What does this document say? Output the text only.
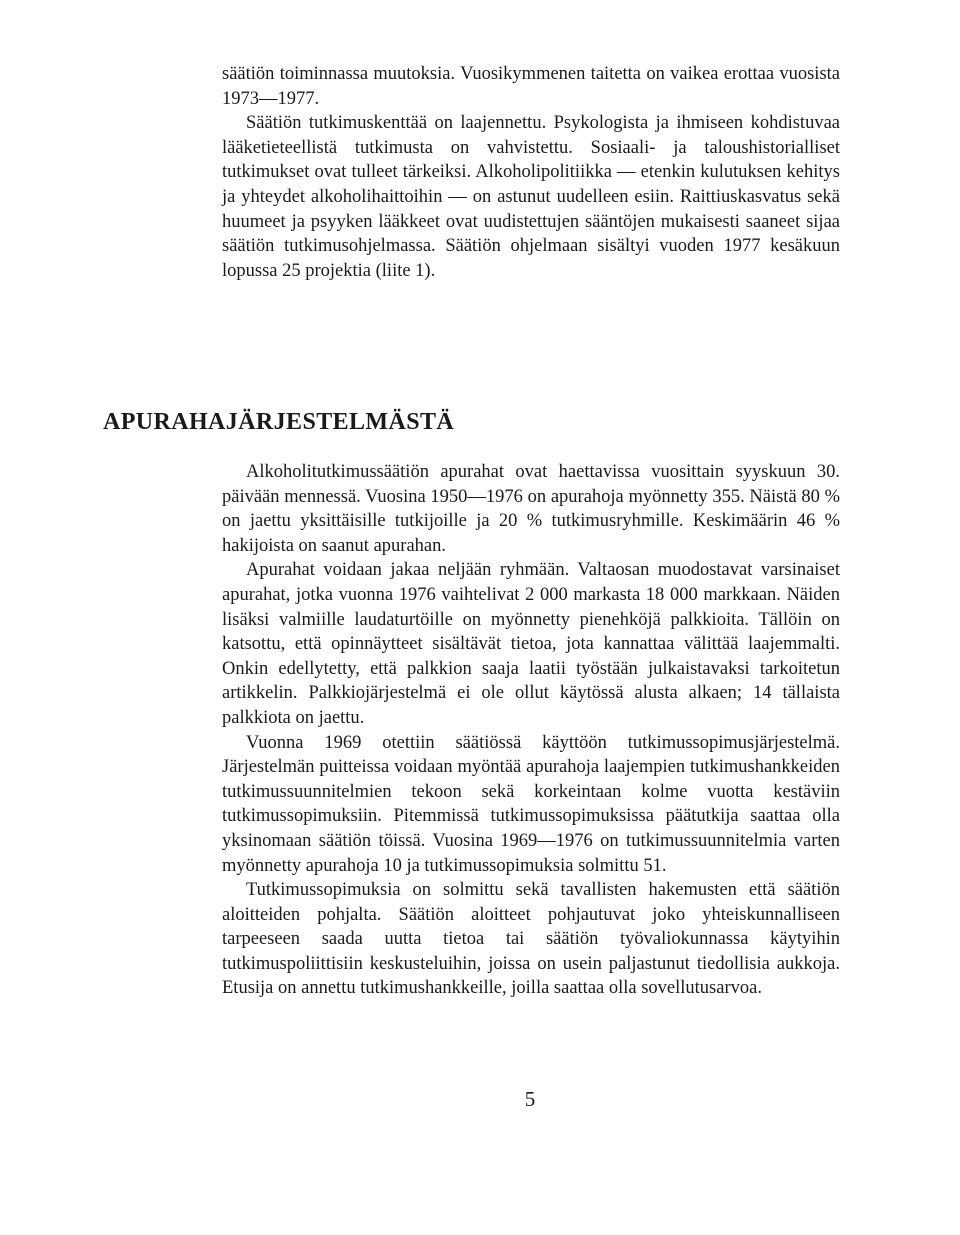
säätiön toiminnassa muutoksia. Vuosikymmenen taitetta on vaikea erottaa vuosista 1973—1977.

Säätiön tutkimuskenttää on laajennettu. Psykologista ja ihmiseen kohdistuvaa lääketieteellistä tutkimusta on vahvistettu. Sosiaali- ja taloushistorialliset tutkimukset ovat tulleet tärkeiksi. Alkoholipolitiikka — etenkin kulutuksen kehitys ja yhteydet alkoholihaittoihin — on astunut uudelleen esiin. Raittiuskasvatus sekä huumeet ja psyyken lääkkeet ovat uudistettujen sääntöjen mukaisesti saaneet sijaa säätiön tutkimusohjelmassa. Säätiön ohjelmaan sisältyi vuoden 1977 kesäkuun lopussa 25 projektia (liite 1).

APURAHAJÄRJESTELMÄSTÄ

Alkoholitutkimussäätiön apurahat ovat haettavissa vuosittain syyskuun 30. päivään mennessä. Vuosina 1950—1976 on apurahoja myönnetty 355. Näistä 80 % on jaettu yksittäisille tutkijoille ja 20 % tutkimusryhmille. Keskimäärin 46 % hakijoista on saanut apurahan.

Apurahat voidaan jakaa neljään ryhmään. Valtaosan muodostavat varsinaiset apurahat, jotka vuonna 1976 vaihtelivat 2 000 markasta 18 000 markkaan. Näiden lisäksi valmiille laudaturtöille on myönnetty pienehköjä palkkioita. Tällöin on katsottu, että opinnäytteet sisältävät tietoa, jota kannattaa välittää laajemmalti. Onkin edellytetty, että palkkion saaja laatii työstään julkaistavaksi tarkoitetun artikkelin. Palkkiojärjestelmä ei ole ollut käytössä alusta alkaen; 14 tällaista palkkiota on jaettu.

Vuonna 1969 otettiin säätiössä käyttöön tutkimussopimusjärjestelmä. Järjestelmän puitteissa voidaan myöntää apurahoja laajempien tutkimushankkeiden tutkimussuunnitelmien tekoon sekä korkeintaan kolme vuotta kestäviin tutkimussopimuksiin. Pitemmissä tutkimussopimuksissa päätutkija saattaa olla yksinomaan säätiön töissä. Vuosina 1969—1976 on tutkimussuunnitelmia varten myönnetty apurahoja 10 ja tutkimussopimuksia solmittu 51.

Tutkimussopimuksia on solmittu sekä tavallisten hakemusten että säätiön aloitteiden pohjalta. Säätiön aloitteet pohjautuvat joko yhteiskunnalliseen tarpeeseen saada uutta tietoa tai säätiön työvaliokunnassa käytyihin tutkimuspoliittisiin keskusteluihin, joissa on usein paljastunut tiedollisia aukkoja. Etusija on annettu tutkimushankkeille, joilla saattaa olla sovellutusarvoa.

5
